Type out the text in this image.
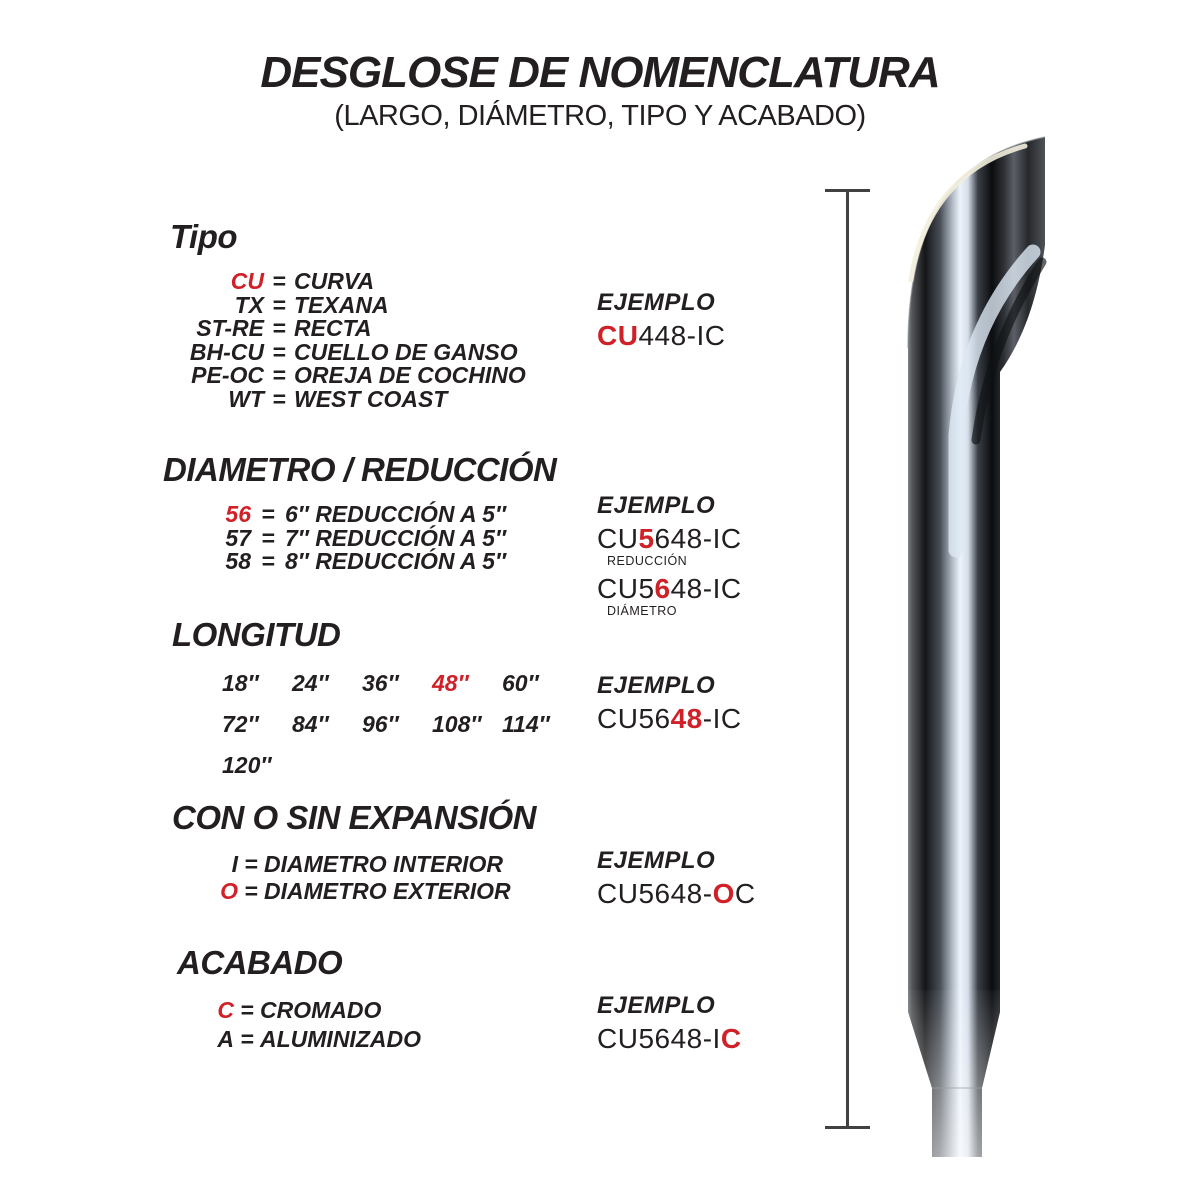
DESGLOSE DE NOMENCLATURA
(LARGO, DIÁMETRO, TIPO Y ACABADO)
Tipo
CU = CURVA
TX = TEXANA
ST-RE = RECTA
BH-CU = CUELLO DE GANSO
PE-OC = OREJA DE COCHINO
WT = WEST COAST
DIAMETRO / REDUCCIÓN
56 = 6″ REDUCCIÓN A 5″
57 = 7″ REDUCCIÓN A 5″
58 = 8″ REDUCCIÓN A 5″
LONGITUD
18″	24″	36″	48″	60″
72″	84″	96″	108″ 114″
120″
CON O SIN EXPANSIÓN
I = DIAMETRO INTERIOR
O = DIAMETRO EXTERIOR
ACABADO
C = CROMADO
A = ALUMINIZADO
EJEMPLO
CU448-IC
EJEMPLO
CU5648-IC
REDUCCIÓN
CU5648-IC
DIÁMETRO
EJEMPLO
CU5648-IC
EJEMPLO
CU5648-OC
EJEMPLO
CU5648-IC
